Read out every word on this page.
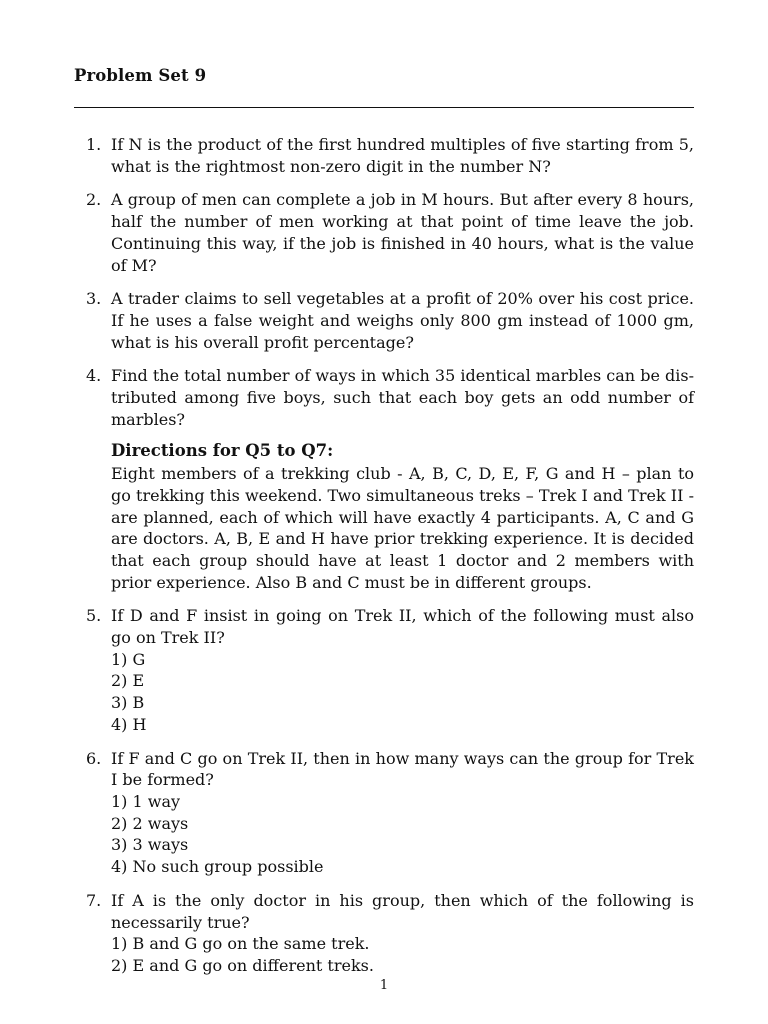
Problem Set 9
1. If N is the product of the first hundred multiples of five starting from 5, what is the rightmost non-zero digit in the number N?
2. A group of men can complete a job in M hours. But after every 8 hours, half the number of men working at that point of time leave the job. Continuing this way, if the job is finished in 40 hours, what is the value of M?
3. A trader claims to sell vegetables at a profit of 20% over his cost price. If he uses a false weight and weighs only 800 gm instead of 1000 gm, what is his overall profit percentage?
4. Find the total number of ways in which 35 identical marbles can be distributed among five boys, such that each boy gets an odd number of marbles?
Directions for Q5 to Q7:
Eight members of a trekking club - A, B, C, D, E, F, G and H – plan to go trekking this weekend. Two simultaneous treks – Trek I and Trek II - are planned, each of which will have exactly 4 participants. A, C and G are doctors. A, B, E and H have prior trekking experience. It is decided that each group should have at least 1 doctor and 2 members with prior experience. Also B and C must be in different groups.
5. If D and F insist in going on Trek II, which of the following must also go on Trek II?
1) G
2) E
3) B
4) H
6. If F and C go on Trek II, then in how many ways can the group for Trek I be formed?
1) 1 way
2) 2 ways
3) 3 ways
4) No such group possible
7. If A is the only doctor in his group, then which of the following is necessarily true?
1) B and G go on the same trek.
2) E and G go on different treks.
1
